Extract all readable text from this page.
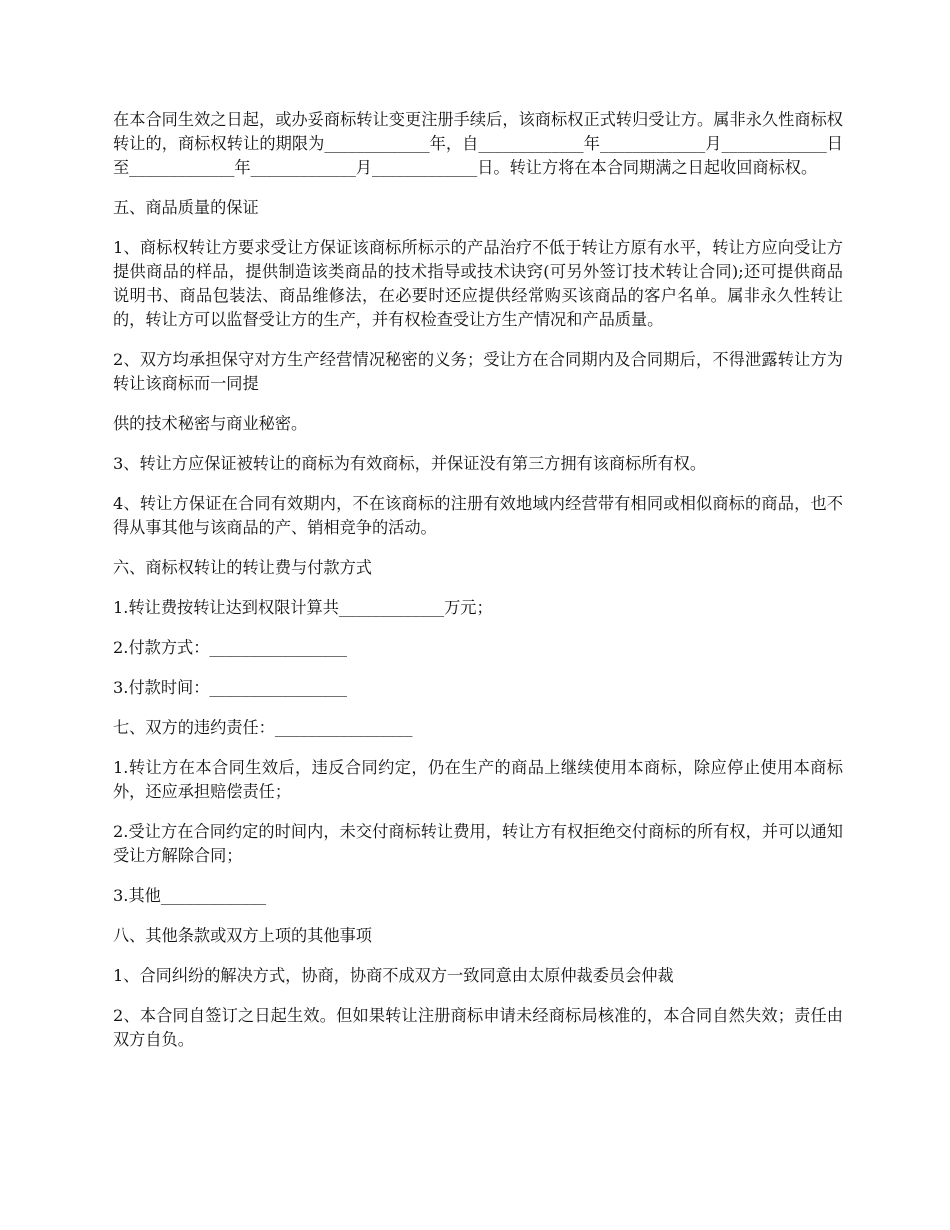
在本合同生效之日起，或办妥商标转让变更注册手续后，该商标权正式转归受让方。属非永久性商标权转让的，商标权转让的期限为_____________年，自_____________年_____________月_____________日至_____________年_____________月_____________日。转让方将在本合同期满之日起收回商标权。

五、商品质量的保证

1、商标权转让方要求受让方保证该商标所标示的产品治疗不低于转让方原有水平，转让方应向受让方提供商品的样品，提供制造该类商品的技术指导或技术诀窍(可另外签订技术转让合同);还可提供商品说明书、商品包装法、商品维修法，在必要时还应提供经常购买该商品的客户名单。属非永久性转让的，转让方可以监督受让方的生产，并有权检查受让方生产情况和产品质量。

2、双方均承担保守对方生产经营情况秘密的义务；受让方在合同期内及合同期后，不得泄露转让方为转让该商标而一同提

供的技术秘密与商业秘密。

3、转让方应保证被转让的商标为有效商标，并保证没有第三方拥有该商标所有权。

4、转让方保证在合同有效期内，不在该商标的注册有效地域内经营带有相同或相似商标的商品，也不得从事其他与该商品的产、销相竞争的活动。

六、商标权转让的转让费与付款方式

1.转让费按转让达到权限计算共_____________万元；

2.付款方式：_________________

3.付款时间：_________________

七、双方的违约责任：_________________

1.转让方在本合同生效后，违反合同约定，仍在生产的商品上继续使用本商标，除应停止使用本商标外，还应承担赔偿责任；

2.受让方在合同约定的时间内，未交付商标转让费用，转让方有权拒绝交付商标的所有权，并可以通知受让方解除合同；

3.其他_____________

八、其他条款或双方上项的其他事项

1、合同纠纷的解决方式，协商，协商不成双方一致同意由太原仲裁委员会仲裁

2、本合同自签订之日起生效。但如果转让注册商标申请未经商标局核准的，本合同自然失效；责任由双方自负。
